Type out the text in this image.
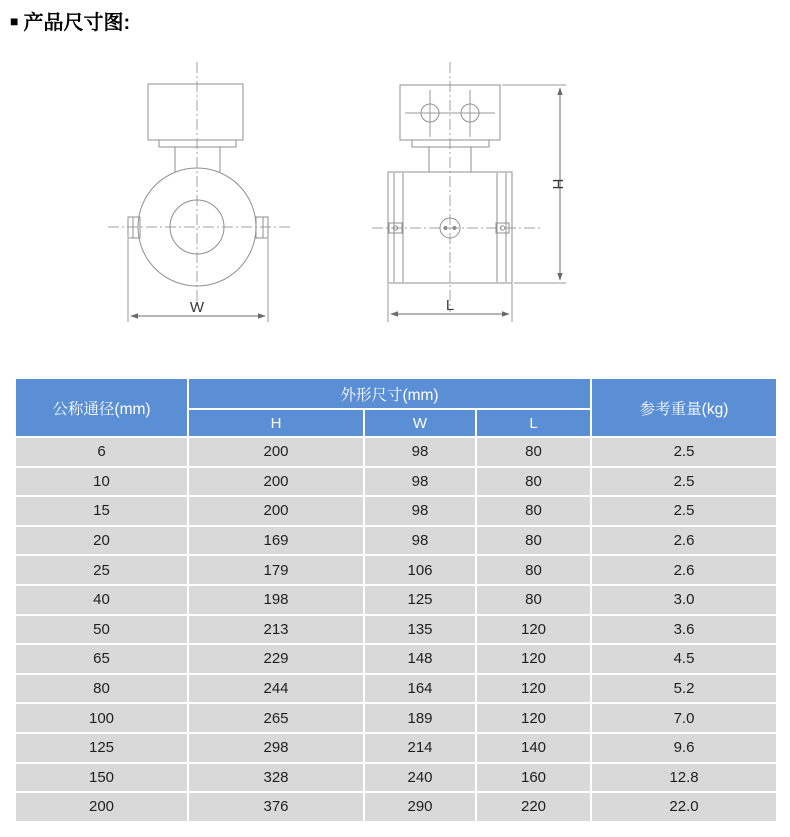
■ 产品尺寸图:
W	L
H
公称通径(mm)	外形尺寸(mm)			参考重量(kg)
	H	W	L	
6	200	98	80	2.5
10	200	98	80	2.5
15	200	98	80	2.5
20	169	98	80	2.6
25	179	106	80	2.6
40	198	125	80	3.0
50	213	135	120	3.6
65	229	148	120	4.5
80	244	164	120	5.2
100	265	189	120	7.0
125	298	214	140	9.6
150	328	240	160	12.8
200	376	290	220	22.0
